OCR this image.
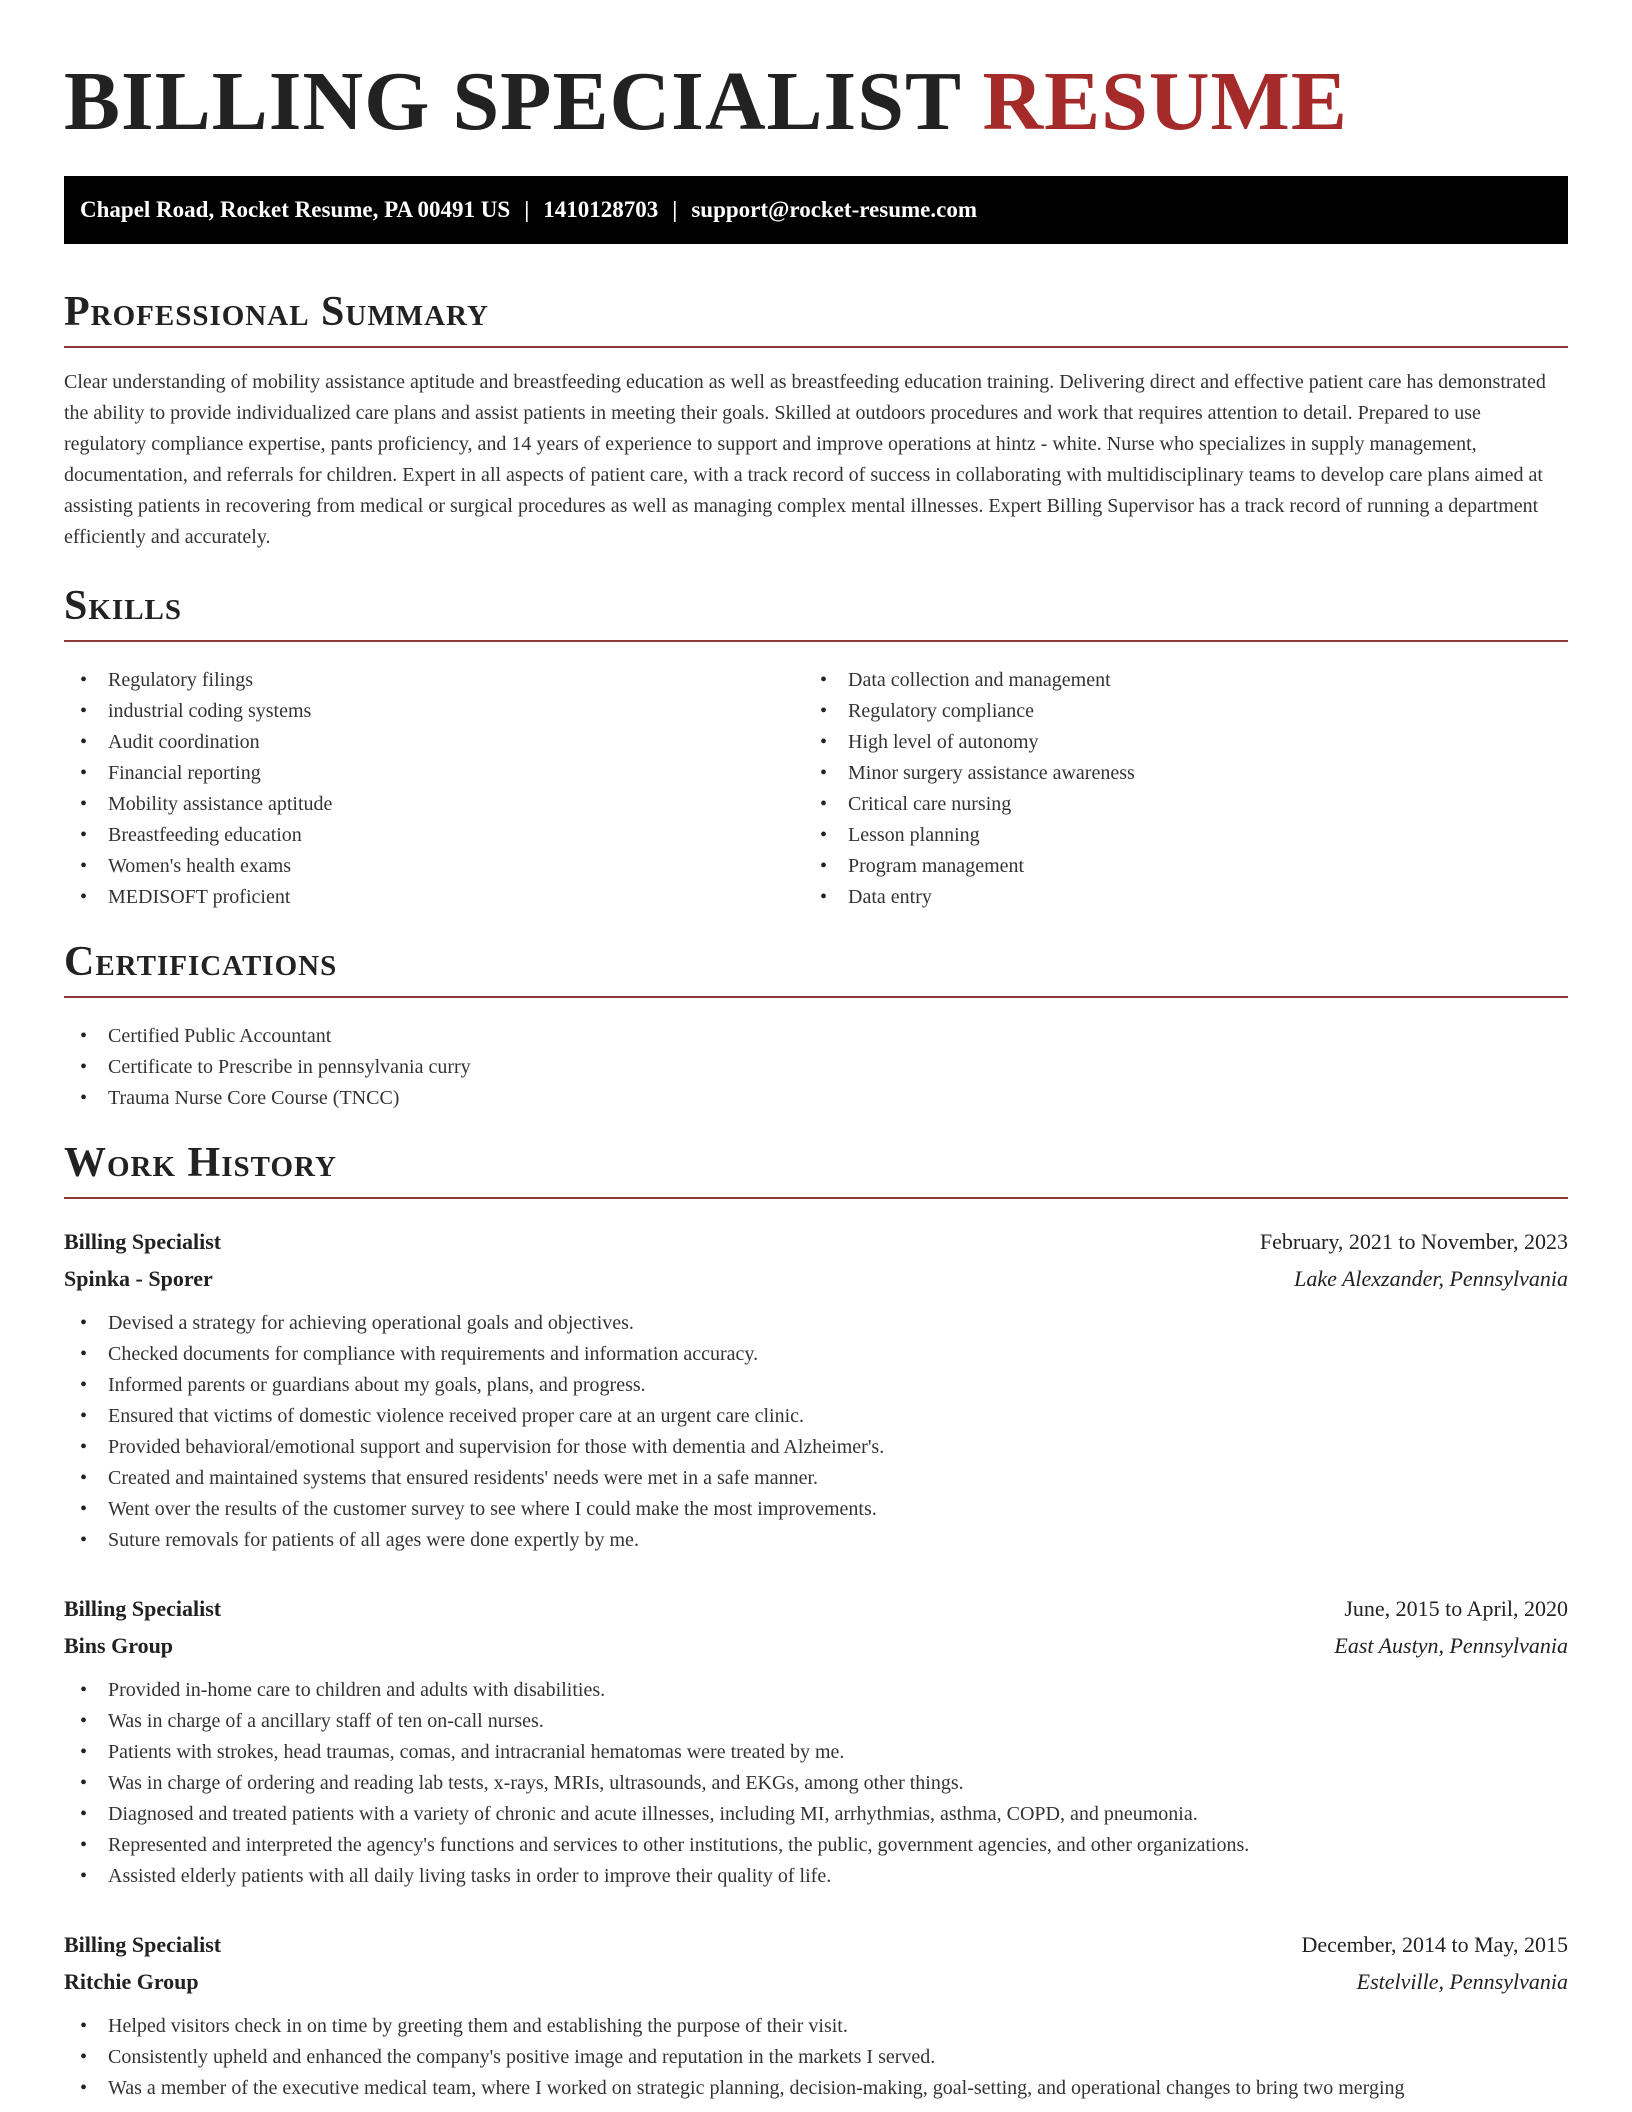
BILLING SPECIALIST RESUME
Chapel Road, Rocket Resume, PA 00491 US | 1410128703 | support@rocket-resume.com
Professional Summary

Clear understanding of mobility assistance aptitude and breastfeeding education as well as breastfeeding education training. Delivering direct and effective patient care has demonstrated the ability to provide individualized care plans and assist patients in meeting their goals. Skilled at outdoors procedures and work that requires attention to detail. Prepared to use regulatory compliance expertise, pants proficiency, and 14 years of experience to support and improve operations at hintz - white. Nurse who specializes in supply management, documentation, and referrals for children. Expert in all aspects of patient care, with a track record of success in collaborating with multidisciplinary teams to develop care plans aimed at assisting patients in recovering from medical or surgical procedures as well as managing complex mental illnesses. Expert Billing Supervisor has a track record of running a department efficiently and accurately.

Skills
• Regulatory filings
• industrial coding systems
• Audit coordination
• Financial reporting
• Mobility assistance aptitude
• Breastfeeding education
• Women's health exams
• MEDISOFT proficient
• Data collection and management
• Regulatory compliance
• High level of autonomy
• Minor surgery assistance awareness
• Critical care nursing
• Lesson planning
• Program management
• Data entry
Certifications
• Certified Public Accountant
• Certificate to Prescribe in pennsylvania curry
• Trauma Nurse Core Course (TNCC)
Work History
Billing Specialist	February, 2021 to November, 2023
Spinka - Sporer	Lake Alexzander, Pennsylvania
• Devised a strategy for achieving operational goals and objectives.
• Checked documents for compliance with requirements and information accuracy.
• Informed parents or guardians about my goals, plans, and progress.
• Ensured that victims of domestic violence received proper care at an urgent care clinic.
• Provided behavioral/emotional support and supervision for those with dementia and Alzheimer's.
• Created and maintained systems that ensured residents' needs were met in a safe manner.
• Went over the results of the customer survey to see where I could make the most improvements.
• Suture removals for patients of all ages were done expertly by me.
Billing Specialist	June, 2015 to April, 2020
Bins Group	East Austyn, Pennsylvania
• Provided in-home care to children and adults with disabilities.
• Was in charge of a ancillary staff of ten on-call nurses.
• Patients with strokes, head traumas, comas, and intracranial hematomas were treated by me.
• Was in charge of ordering and reading lab tests, x-rays, MRIs, ultrasounds, and EKGs, among other things.
• Diagnosed and treated patients with a variety of chronic and acute illnesses, including MI, arrhythmias, asthma, COPD, and pneumonia.
• Represented and interpreted the agency's functions and services to other institutions, the public, government agencies, and other organizations.
• Assisted elderly patients with all daily living tasks in order to improve their quality of life.
Billing Specialist	December, 2014 to May, 2015
Ritchie Group	Estelville, Pennsylvania
• Helped visitors check in on time by greeting them and establishing the purpose of their visit.
• Consistently upheld and enhanced the company's positive image and reputation in the markets I served.
• Was a member of the executive medical team, where I worked on strategic planning, decision-making, goal-setting, and operational changes to bring two merging
